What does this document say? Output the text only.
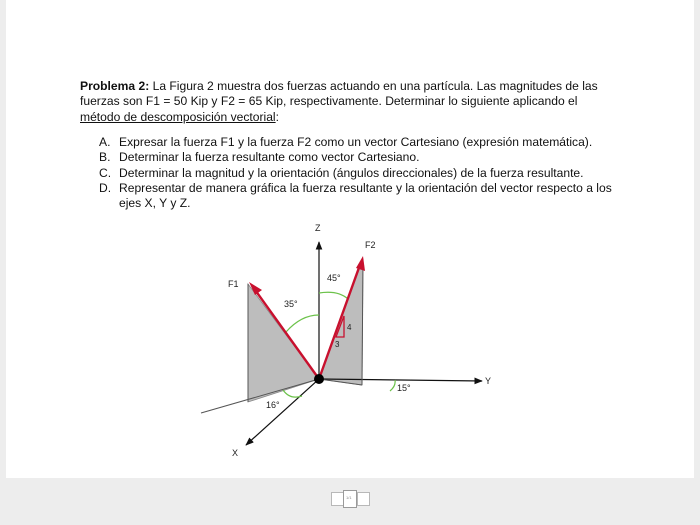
Problema 2: La Figura 2 muestra dos fuerzas actuando en una partícula. Las magnitudes de las fuerzas son F1 = 50 Kip y F2 = 65 Kip, respectivamente. Determinar lo siguiente aplicando el método de descomposición vectorial:
A. Expresar la fuerza F1 y la fuerza F2 como un vector Cartesiano (expresión matemática).
B. Determinar la fuerza resultante como vector Cartesiano.
C. Determinar la magnitud y la orientación (ángulos direccionales) de la fuerza resultante.
D. Representar de manera gráfica la fuerza resultante y la orientación del vector respecto a los ejes X, Y y Z.
Z
Y
X
F1
F2
35°
45°
16°
15°
4
3
1/1
